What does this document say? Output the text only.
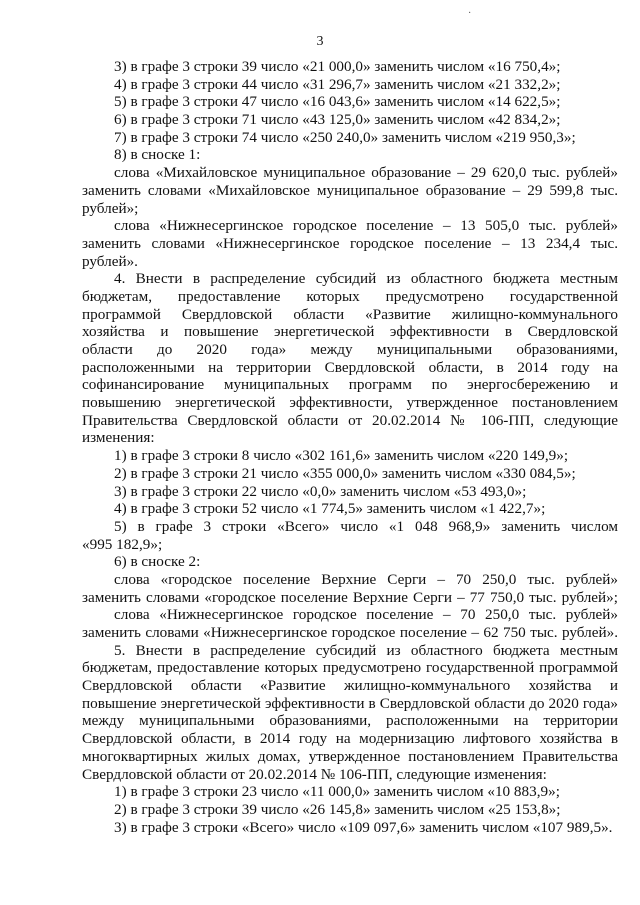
·
3
3) в графе 3 строки 39 число «21 000,0» заменить числом «16 750,4»;
4) в графе 3 строки 44 число «31 296,7» заменить числом «21 332,2»;
5) в графе 3 строки 47 число «16 043,6» заменить числом «14 622,5»;
6) в графе 3 строки 71 число «43 125,0» заменить числом «42 834,2»;
7) в графе 3 строки 74 число «250 240,0» заменить числом «219 950,3»;
8) в сноске 1:
слова «Михайловское муниципальное образование – 29 620,0 тыс. рублей»
заменить словами «Михайловское муниципальное образование – 29 599,8 тыс.
рублей»;
слова «Нижнесергинское городское поселение – 13 505,0 тыс. рублей»
заменить словами «Нижнесергинское городское поселение – 13 234,4 тыс.
рублей».
4. Внести в распределение субсидий из областного бюджета местным
бюджетам, предоставление которых предусмотрено государственной
программой Свердловской области «Развитие жилищно-коммунального
хозяйства и повышение энергетической эффективности в Свердловской
области до 2020 года» между муниципальными образованиями,
расположенными на территории Свердловской области, в 2014 году на
софинансирование муниципальных программ по энергосбережению и
повышению энергетической эффективности, утвержденное постановлением
Правительства Свердловской области от 20.02.2014 № 106-ПП, следующие
изменения:
1) в графе 3 строки 8 число «302 161,6» заменить числом «220 149,9»;
2) в графе 3 строки 21 число «355 000,0» заменить числом «330 084,5»;
3) в графе 3 строки 22 число «0,0» заменить числом «53 493,0»;
4) в графе 3 строки 52 число «1 774,5» заменить числом «1 422,7»;
5) в графе 3 строки «Всего» число «1 048 968,9» заменить числом
«995 182,9»;
6) в сноске 2:
слова «городское поселение Верхние Серги – 70 250,0 тыс. рублей»
заменить словами «городское поселение Верхние Серги – 77 750,0 тыс. рублей»;
слова «Нижнесергинское городское поселение – 70 250,0 тыс. рублей»
заменить словами «Нижнесергинское городское поселение – 62 750 тыс. рублей».
5. Внести в распределение субсидий из областного бюджета местным
бюджетам, предоставление которых предусмотрено государственной программой
Свердловской области «Развитие жилищно-коммунального хозяйства и
повышение энергетической эффективности в Свердловской области до 2020 года»
между муниципальными образованиями, расположенными на территории
Свердловской области, в 2014 году на модернизацию лифтового хозяйства в
многоквартирных жилых домах, утвержденное постановлением Правительства
Свердловской области от 20.02.2014 № 106-ПП, следующие изменения:
1) в графе 3 строки 23 число «11 000,0» заменить числом «10 883,9»;
2) в графе 3 строки 39 число «26 145,8» заменить числом «25 153,8»;
3) в графе 3 строки «Всего» число «109 097,6» заменить числом «107 989,5».
